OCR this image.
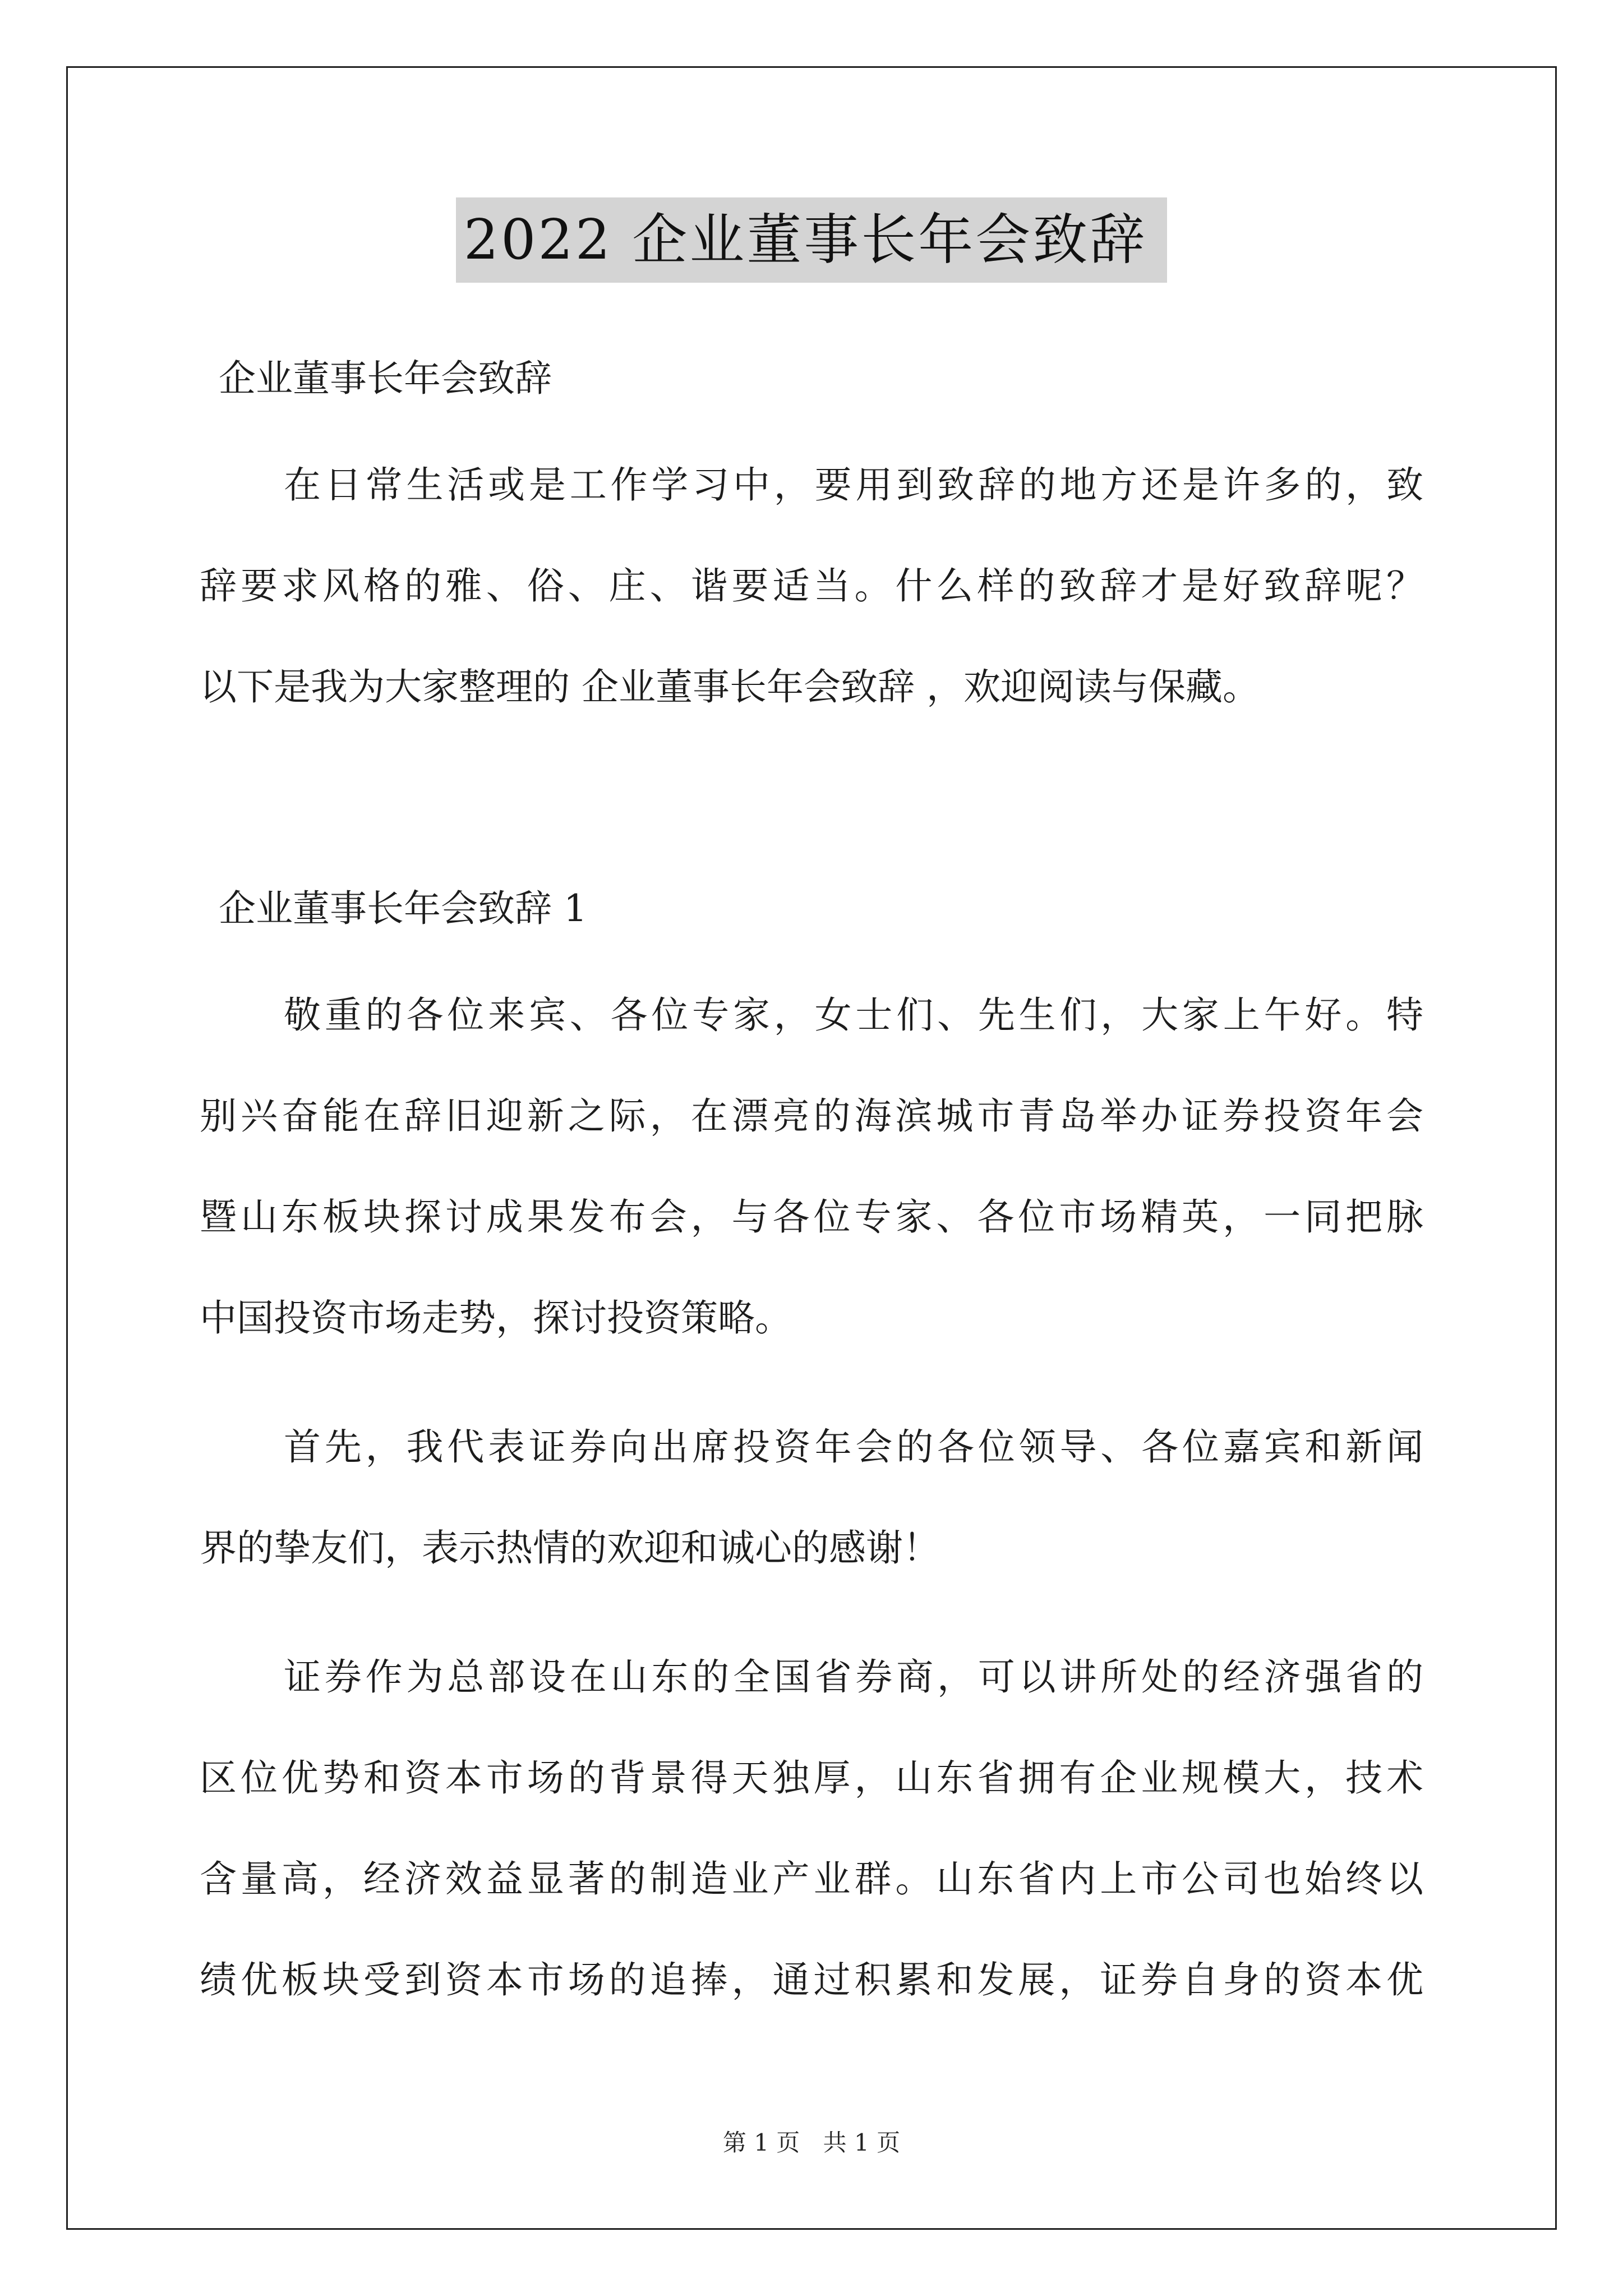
2022 企业董事长年会致辞
企业董事长年会致辞
在日常生活或是工作学习中，要用到致辞的地方还是许多的，致
辞要求风格的雅、俗、庄、谐要适当。什么样的致辞才是好致辞呢？
以下是我为大家整理的 企业董事长年会致辞 ，欢迎阅读与保藏。
企业董事长年会致辞 1
敬重的各位来宾、各位专家，女士们、先生们，大家上午好。特
别兴奋能在辞旧迎新之际，在漂亮的海滨城市青岛举办证券投资年会
暨山东板块探讨成果发布会，与各位专家、各位市场精英，一同把脉
中国投资市场走势，探讨投资策略。
首先，我代表证券向出席投资年会的各位领导、各位嘉宾和新闻
界的挚友们，表示热情的欢迎和诚心的感谢！
证券作为总部设在山东的全国省券商，可以讲所处的经济强省的
区位优势和资本市场的背景得天独厚，山东省拥有企业规模大，技术
含量高，经济效益显著的制造业产业群。山东省内上市公司也始终以
绩优板块受到资本市场的追捧，通过积累和发展，证券自身的资本优
第 1 页 共 1 页
